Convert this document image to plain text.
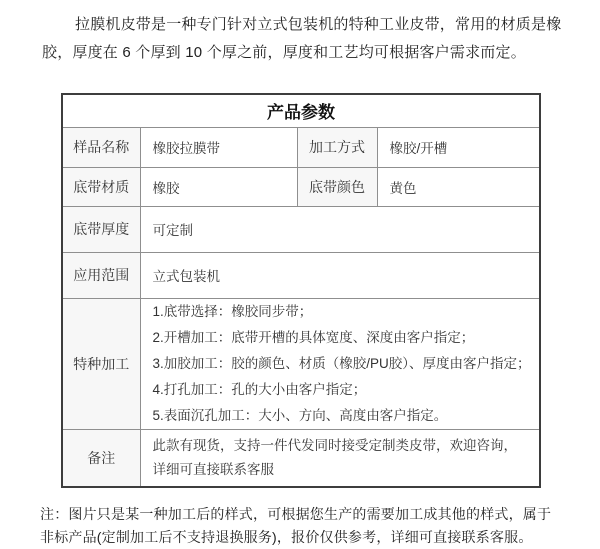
拉膜机皮带是一种专门针对立式包装机的特种工业皮带，常用的材质是橡胶，厚度在 6 个厚到 10 个厚之前，厚度和工艺均可根据客户需求而定。

产品参数			
样品名称	橡胶拉膜带	加工方式	橡胶/开槽
底带材质	橡胶	底带颜色	黄色
底带厚度	可定制		
应用范围	立式包装机		
特种加工	1.底带选择：橡胶同步带；
2.开槽加工：底带开槽的具体宽度、深度由客户指定；
3.加胶加工：胶的颜色、材质（橡胶/PU胶）、厚度由客户指定；
4.打孔加工：孔的大小由客户指定；
5.表面沉孔加工：大小、方向、高度由客户指定。		

备注	此款有现货，支持一件代发同时接受定制类皮带，欢迎咨询，详细可直接联系客服		

注：图片只是某一种加工后的样式，可根据您生产的需要加工成其他的样式，属于非标产品(定制加工后不支持退换服务)，报价仅供参考，详细可直接联系客服。
